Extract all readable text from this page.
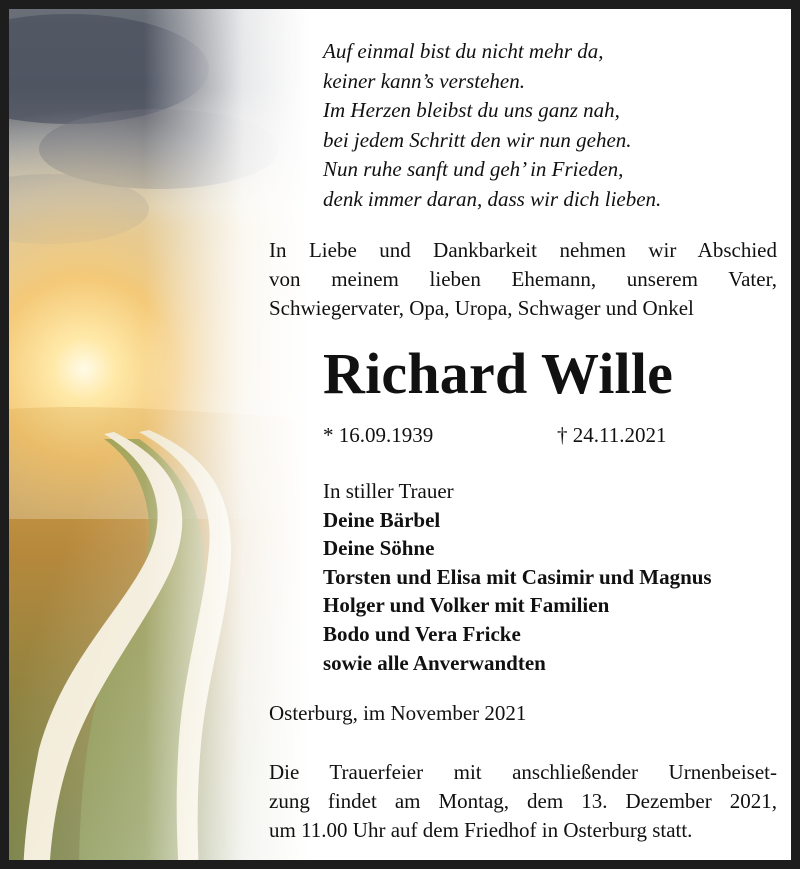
Auf einmal bist du nicht mehr da,
keiner kann’s verstehen.
Im Herzen bleibst du uns ganz nah,
bei jedem Schritt den wir nun gehen.
Nun ruhe sanft und geh’ in Frieden,
denk immer daran, dass wir dich lieben.
In Liebe und Dankbarkeit nehmen wir Abschied
von meinem lieben Ehemann, unserem Vater,
Schwiegervater, Opa, Uropa, Schwager und Onkel
Richard Wille
* 16.09.1939	† 24.11.2021
In stiller Trauer
Deine Bärbel
Deine Söhne
Torsten und Elisa mit Casimir und Magnus
Holger und Volker mit Familien
Bodo und Vera Fricke
sowie alle Anverwandten
Osterburg, im November 2021
Die Trauerfeier mit anschließender Urnenbeiset-
zung findet am Montag, dem 13. Dezember 2021,
um 11.00 Uhr auf dem Friedhof in Osterburg statt.
